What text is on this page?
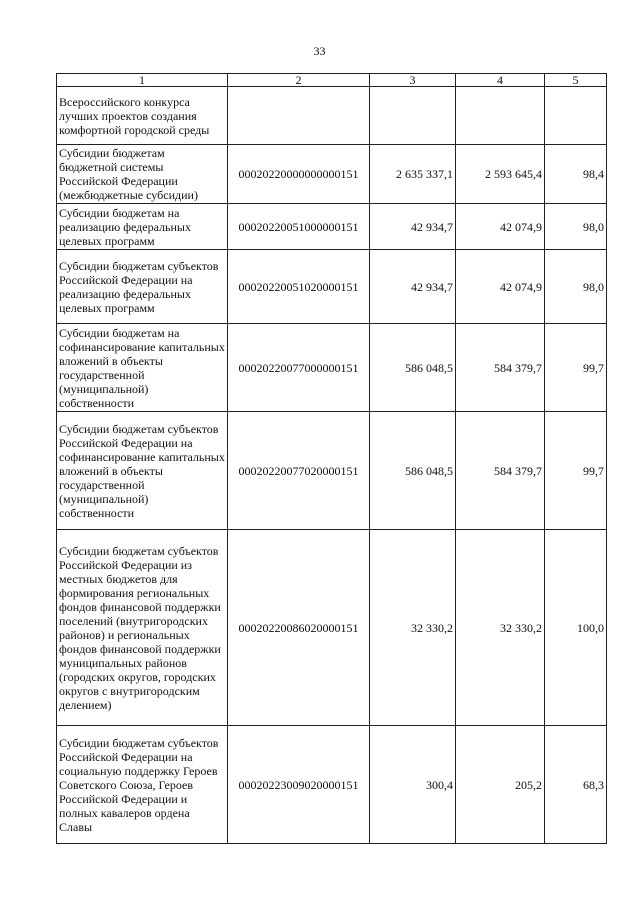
33
1	2	3	4	5
Всероссийского конкурса лучших проектов создания комфортной городской среды				
Субсидии бюджетам бюджетной системы Российской Федерации (межбюджетные субсидии)	00020220000000000151	2 635 337,1	2 593 645,4	98,4
Субсидии бюджетам на реализацию федеральных целевых программ	00020220051000000151	42 934,7	42 074,9	98,0
Субсидии бюджетам субъектов Российской Федерации на реализацию федеральных целевых программ	00020220051020000151	42 934,7	42 074,9	98,0
Субсидии бюджетам на софинансирование капитальных вложений в объекты государственной (муниципальной) собственности	00020220077000000151	586 048,5	584 379,7	99,7
Субсидии бюджетам субъектов Российской Федерации на софинансирование капитальных вложений в объекты государственной (муниципальной) собственности	00020220077020000151	586 048,5	584 379,7	99,7
Субсидии бюджетам субъектов Российской Федерации из местных бюджетов для формирования региональных фондов финансовой поддержки поселений (внутригородских районов) и региональных фондов финансовой поддержки муниципальных районов (городских округов, городских округов с внутригородским делением)	00020220086020000151	32 330,2	32 330,2	100,0
Субсидии бюджетам субъектов Российской Федерации на социальную поддержку Героев Советского Союза, Героев Российской Федерации и полных кавалеров ордена Славы	00020223009020000151	300,4	205,2	68,3
